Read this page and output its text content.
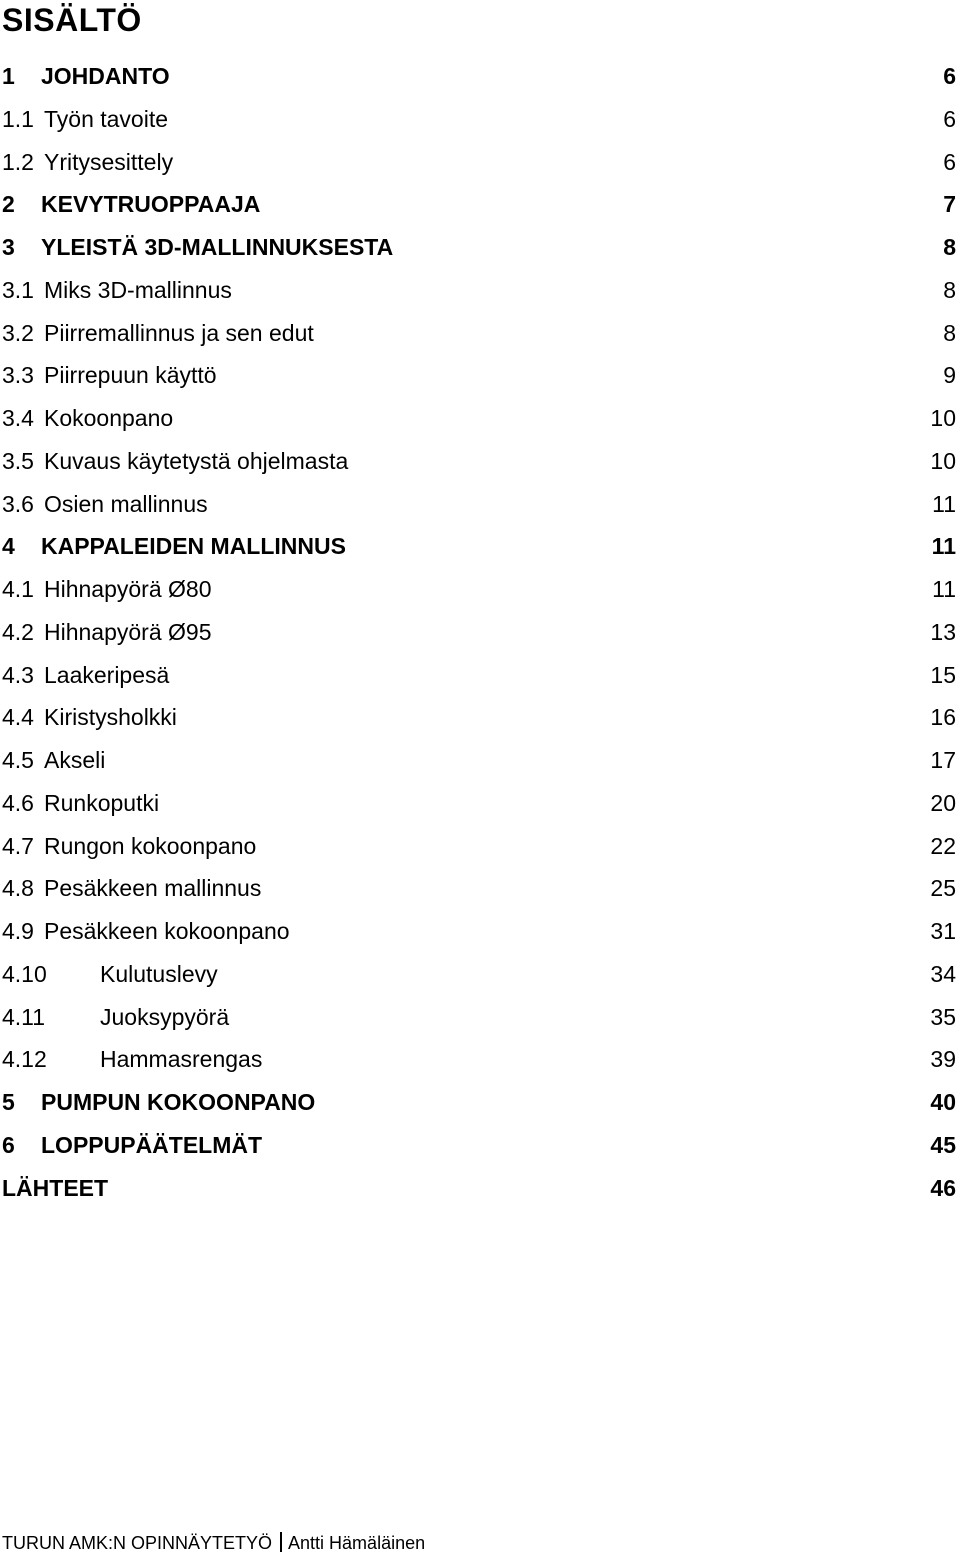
SISÄLTÖ
1 JOHDANTO	6
1.1 Työn tavoite	6
1.2 Yritysesittely	6
2 KEVYTRUOPPAAJA	7
3 YLEISTÄ 3D-MALLINNUKSESTA	8
3.1 Miks 3D-mallinnus	8
3.2 Piirremallinnus ja sen edut	8
3.3 Piirrepuun käyttö	9
3.4 Kokoonpano	10
3.5 Kuvaus käytetystä ohjelmasta	10
3.6 Osien mallinnus	11
4 KAPPALEIDEN MALLINNUS	11
4.1 Hihnapyörä Ø80	11
4.2 Hihnapyörä Ø95	13
4.3 Laakeripesä	15
4.4 Kiristysholkki	16
4.5 Akseli	17
4.6 Runkoputki	20
4.7 Rungon kokoonpano	22
4.8 Pesäkkeen mallinnus	25
4.9 Pesäkkeen kokoonpano	31
4.10 Kulutuslevy	34
4.11 Juoksypyörä	35
4.12 Hammasrengas	39
5 PUMPUN KOKOONPANO	40
6 LOPPUPÄÄTELMÄT	45
LÄHTEET	46
TURUN AMK:N OPINNÄYTETYÖ Antti Hämäläinen
